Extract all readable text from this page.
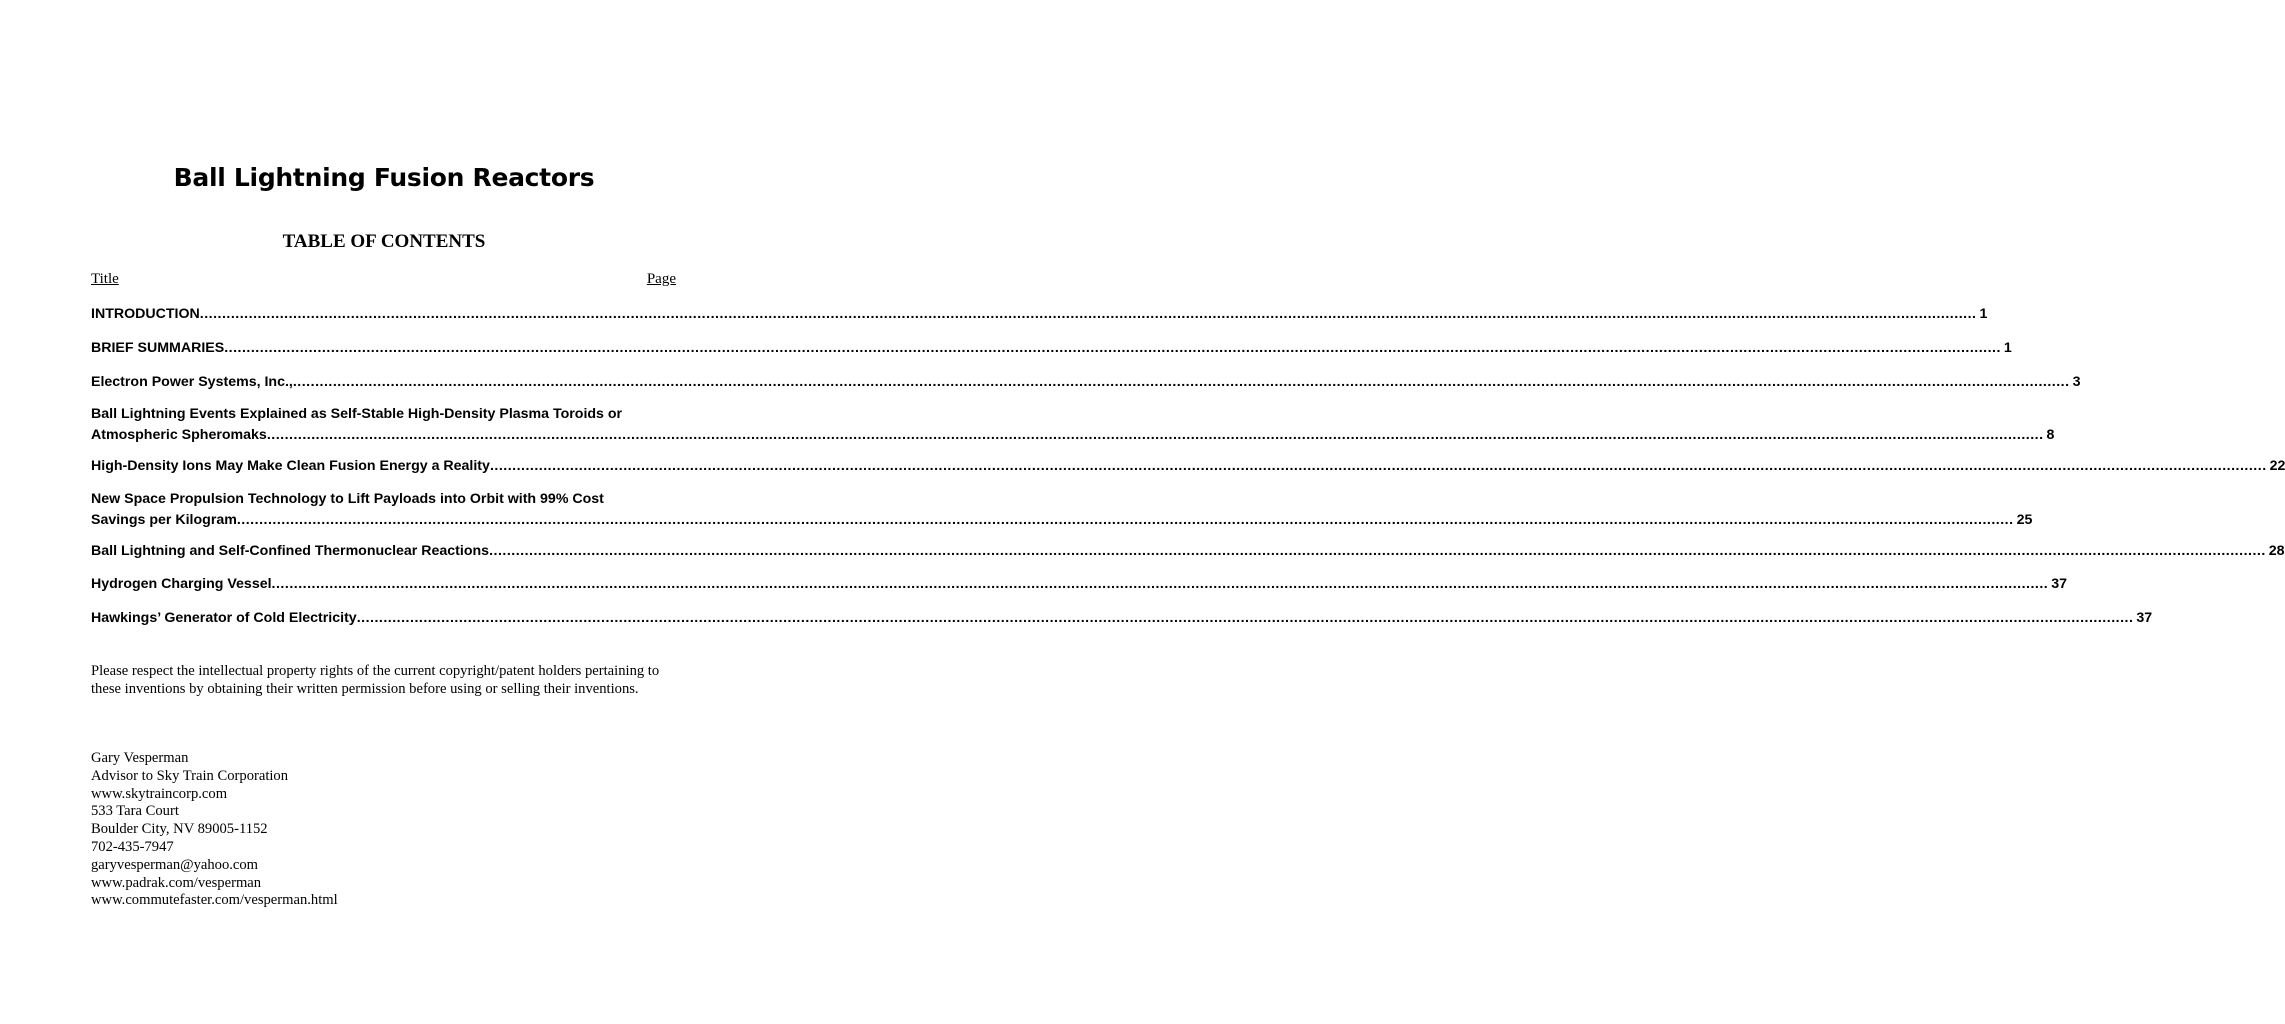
Ball Lightning Fusion Reactors
TABLE OF CONTENTS
Title	Page
INTRODUCTION ................................................................................................................................................................................................................................................................................................................................................................................................................ 1
BRIEF SUMMARIES ................................................................................................................................................................................................................................................................................................................................................................................................................ 1
Electron Power Systems, Inc., ................................................................................................................................................................................................................................................................................................................................................................................................................ 3
Ball Lightning Events Explained as Self-Stable High-Density Plasma Toroids or
Atmospheric Spheromaks ................................................................................................................................................................................................................................................................................................................................................................................................................ 8
High-Density Ions May Make Clean Fusion Energy a Reality ................................................................................................................................................................................................................................................................................................................................................................................................................ 22
New Space Propulsion Technology to Lift Payloads into Orbit with 99% Cost
Savings per Kilogram ................................................................................................................................................................................................................................................................................................................................................................................................................ 25
Ball Lightning and Self-Confined Thermonuclear Reactions ................................................................................................................................................................................................................................................................................................................................................................................................................ 28
Hydrogen Charging Vessel ................................................................................................................................................................................................................................................................................................................................................................................................................ 37
Hawkings’ Generator of Cold Electricity ................................................................................................................................................................................................................................................................................................................................................................................................................ 37
Please respect the intellectual property rights of the current copyright/patent holders pertaining to these inventions by obtaining their written permission before using or selling their inventions.
Gary Vesperman
Advisor to Sky Train Corporation
www.skytraincorp.com
533 Tara Court
Boulder City, NV 89005-1152
702-435-7947
garyvesperman@yahoo.com
www.padrak.com/vesperman
www.commutefaster.com/vesperman.html
